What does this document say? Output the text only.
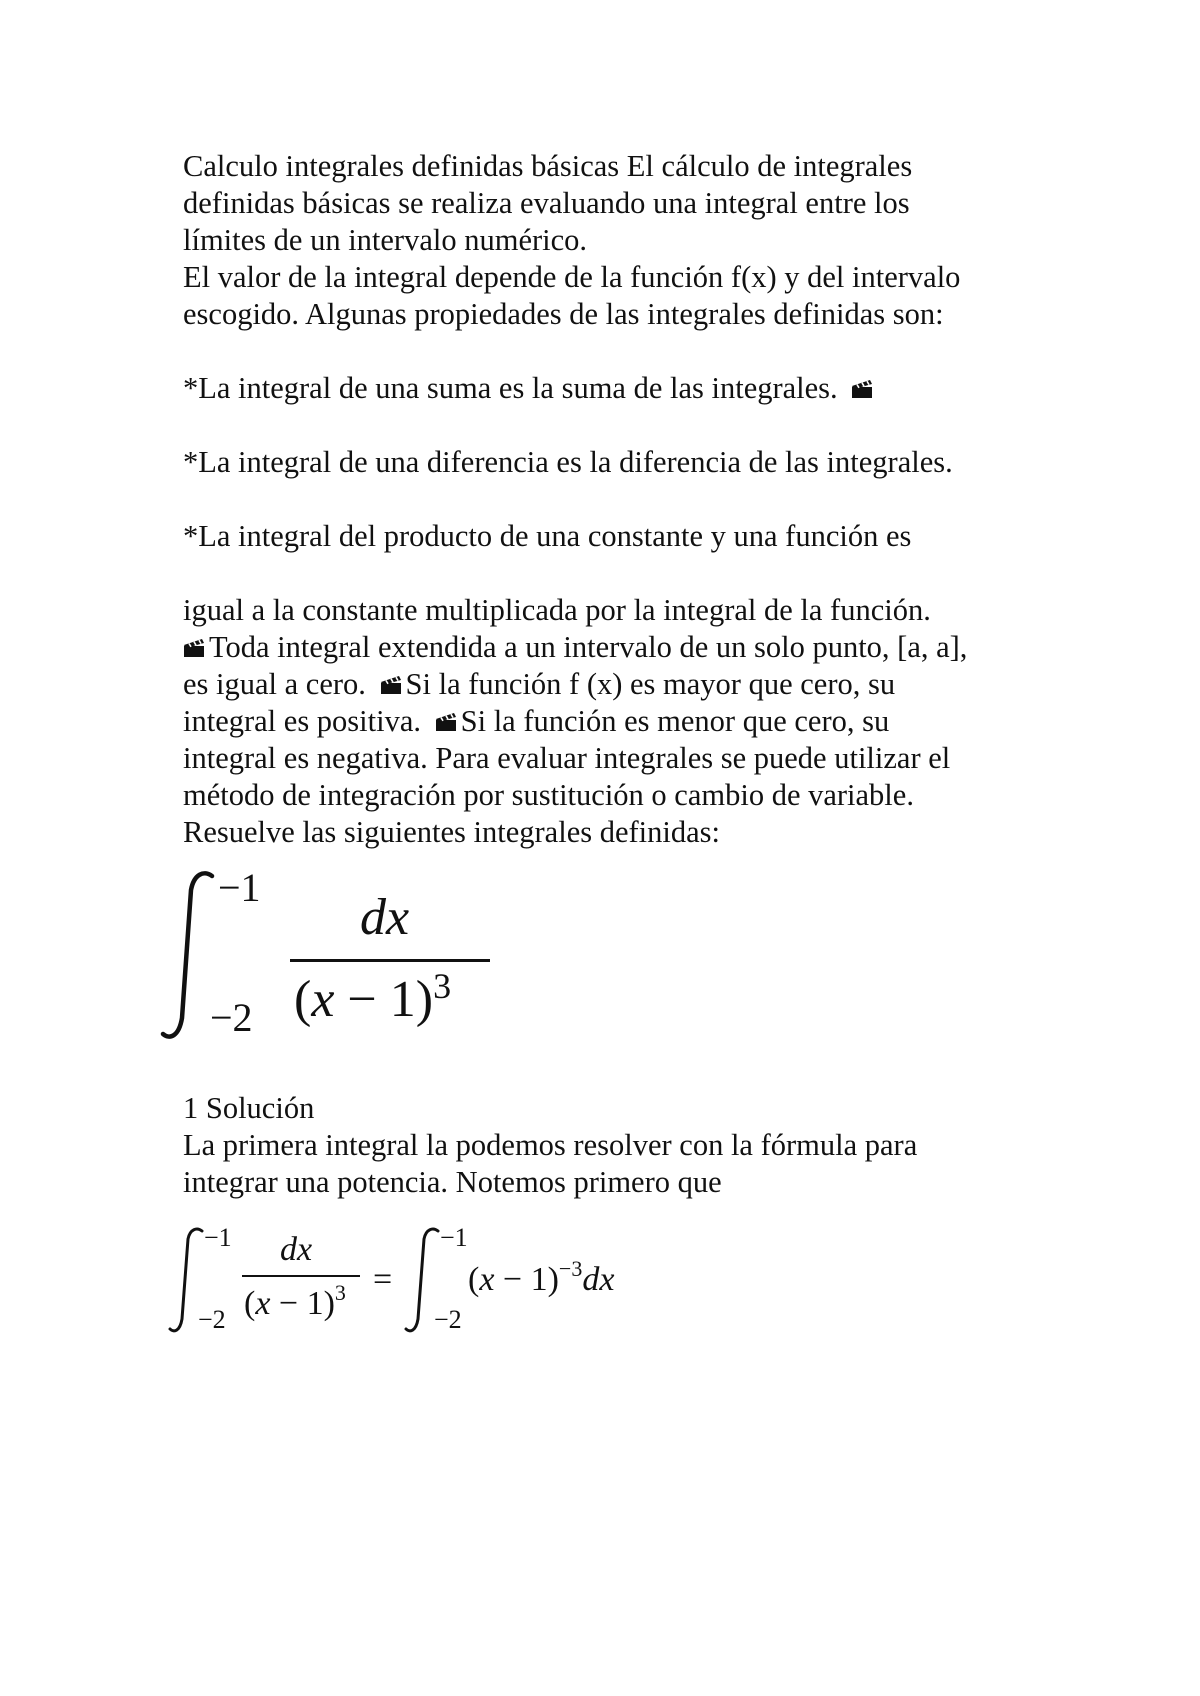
Calculo integrales definidas básicas El cálculo de integrales
definidas básicas se realiza evaluando una integral entre los
límites de un intervalo numérico.
El valor de la integral depende de la función f(x) y del intervalo
escogido. Algunas propiedades de las integrales definidas son:
*La integral de una suma es la suma de las integrales.
*La integral de una diferencia es la diferencia de las integrales.
*La integral del producto de una constante y una función es
igual a la constante multiplicada por la integral de la función.
Toda integral extendida a un intervalo de un solo punto, [a, a],
es igual a cero. Si la función f (x) es mayor que cero, su
integral es positiva. Si la función es menor que cero, su
integral es negativa. Para evaluar integrales se puede utilizar el
método de integración por sustitución o cambio de variable.
Resuelve las siguientes integrales definidas:
−1
−2
dx
$(x - 1)^3$
1 Solución
La primera integral la podemos resolver con la fórmula para
integrar una potencia. Notemos primero que
−1
−2
dx
$(x - 1)^3$ =
−1
−2
$(x - 1)^{-3}dx$
